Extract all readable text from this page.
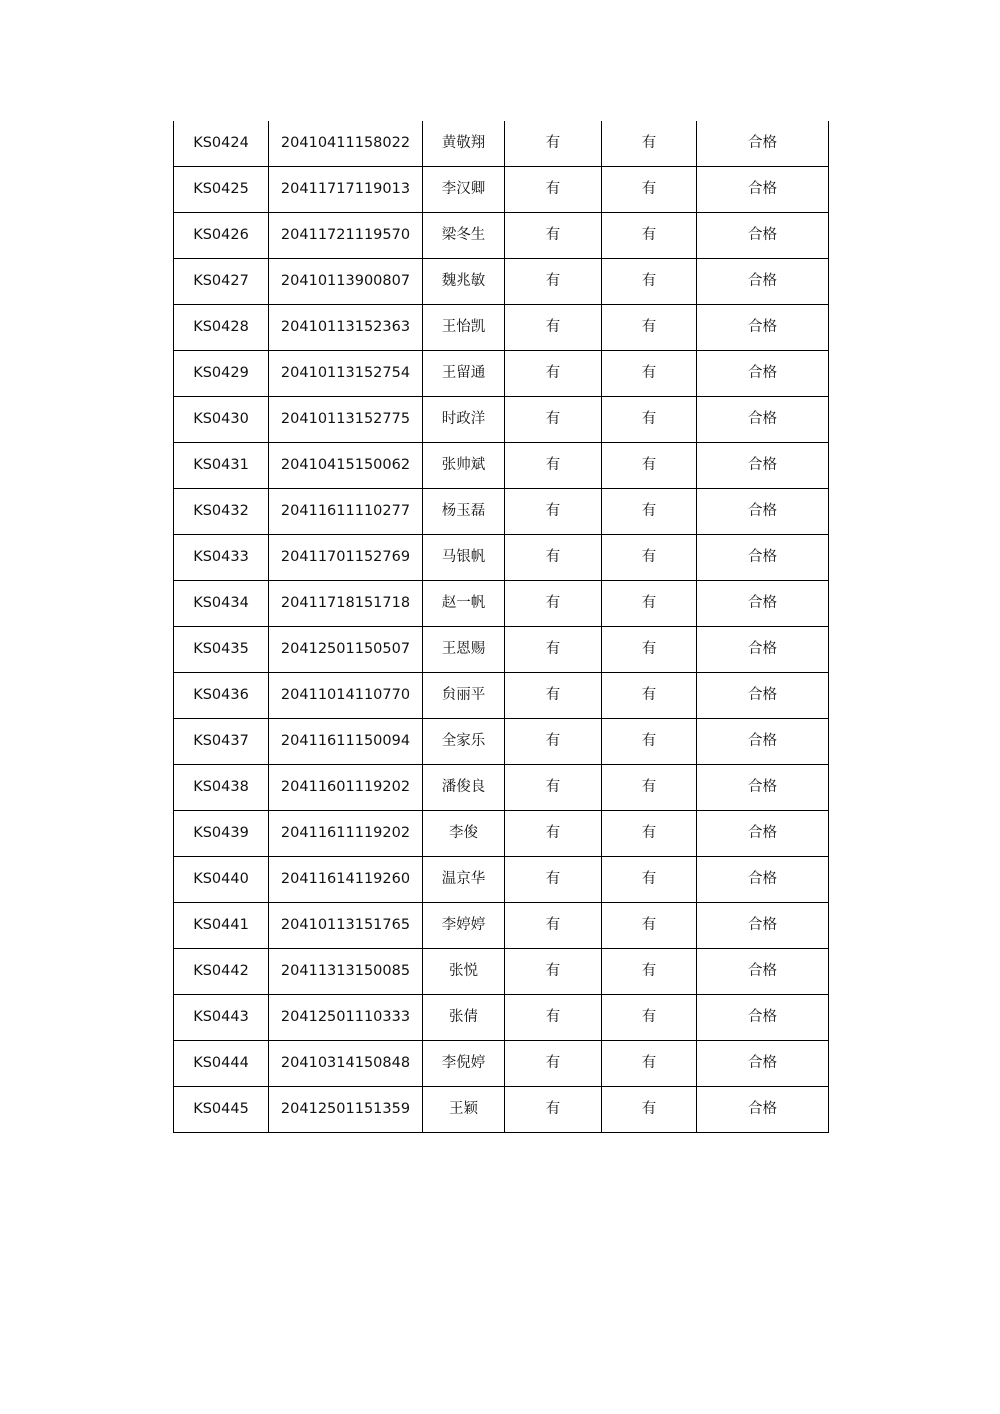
KS0424	20410411158022	黄敬翔	有	有	合格
KS0425	20411717119013	李汉卿	有	有	合格
KS0426	20411721119570	梁冬生	有	有	合格
KS0427	20410113900807	魏兆敏	有	有	合格
KS0428	20410113152363	王怡凯	有	有	合格
KS0429	20410113152754	王留通	有	有	合格
KS0430	20410113152775	时政洋	有	有	合格
KS0431	20410415150062	张帅斌	有	有	合格
KS0432	20411611110277	杨玉磊	有	有	合格
KS0433	20411701152769	马银帆	有	有	合格
KS0434	20411718151718	赵一帆	有	有	合格
KS0435	20412501150507	王恩赐	有	有	合格
KS0436	20411014110770	贠丽平	有	有	合格
KS0437	20411611150094	全家乐	有	有	合格
KS0438	20411601119202	潘俊良	有	有	合格
KS0439	20411611119202	李俊	有	有	合格
KS0440	20411614119260	温京华	有	有	合格
KS0441	20410113151765	李婷婷	有	有	合格
KS0442	20411313150085	张悦	有	有	合格
KS0443	20412501110333	张倩	有	有	合格
KS0444	20410314150848	李倪婷	有	有	合格
KS0445	20412501151359	王颖	有	有	合格
